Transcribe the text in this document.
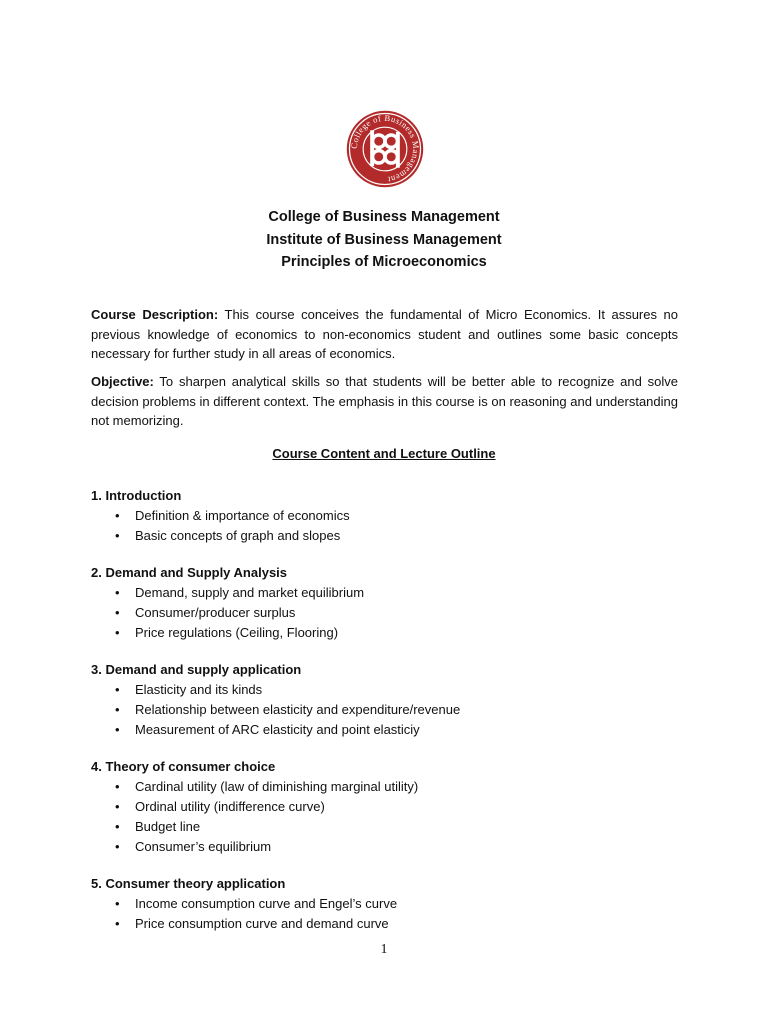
College of Business Management
College of Business Management
Institute of Business Management
Principles of Microeconomics

Course Description: This course conceives the fundamental of Micro Economics. It assures no previous knowledge of economics to non-economics student and outlines some basic concepts necessary for further study in all areas of economics.

Objective: To sharpen analytical skills so that students will be better able to recognize and solve decision problems in different context. The emphasis in this course is on reasoning and understanding not memorizing.

Course Content and Lecture Outline
1. Introduction
• Definition & importance of economics
• Basic concepts of graph and slopes
2. Demand and Supply Analysis
• Demand, supply and market equilibrium
• Consumer/producer surplus
• Price regulations (Ceiling, Flooring)
3. Demand and supply application
• Elasticity and its kinds
• Relationship between elasticity and expenditure/revenue
• Measurement of ARC elasticity and point elasticiy
4. Theory of consumer choice
• Cardinal utility (law of diminishing marginal utility)
• Ordinal utility (indifference curve)
• Budget line
• Consumer’s equilibrium
5. Consumer theory application
• Income consumption curve and Engel’s curve
• Price consumption curve and demand curve
1
